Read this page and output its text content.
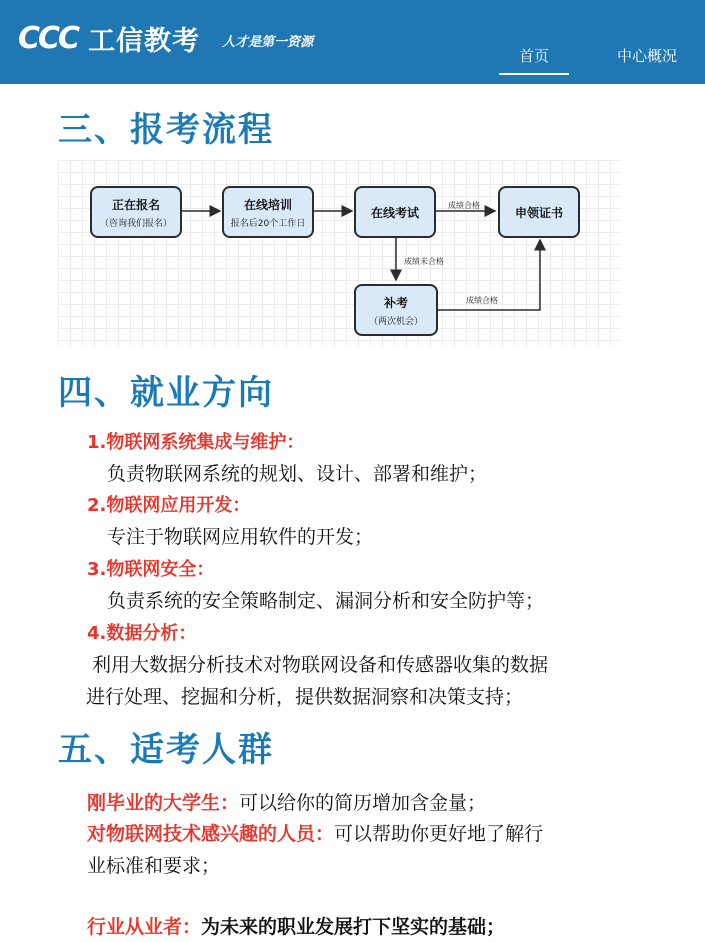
CCC 工信教考 人才是第一资源
首页	中心概况
三、报考流程
正在报名
（咨询我们报名）
在线培训
报名后20个工作日
在线考试	申领证书
补考
（两次机会）
成绩合格
成绩未合格
成绩合格
四、就业方向
1.物联网系统集成与维护：
负责物联网系统的规划、设计、部署和维护；
2.物联网应用开发：
专注于物联网应用软件的开发；
3.物联网安全：
负责系统的安全策略制定、漏洞分析和安全防护等；
4.数据分析：
利用大数据分析技术对物联网设备和传感器收集的数据
进行处理、挖掘和分析，提供数据洞察和决策支持；
五、适考人群
刚毕业的大学生：可以给你的简历增加含金量；
对物联网技术感兴趣的人员：可以帮助你更好地了解行
业标准和要求；
行业从业者：为未来的职业发展打下坚实的基础；
